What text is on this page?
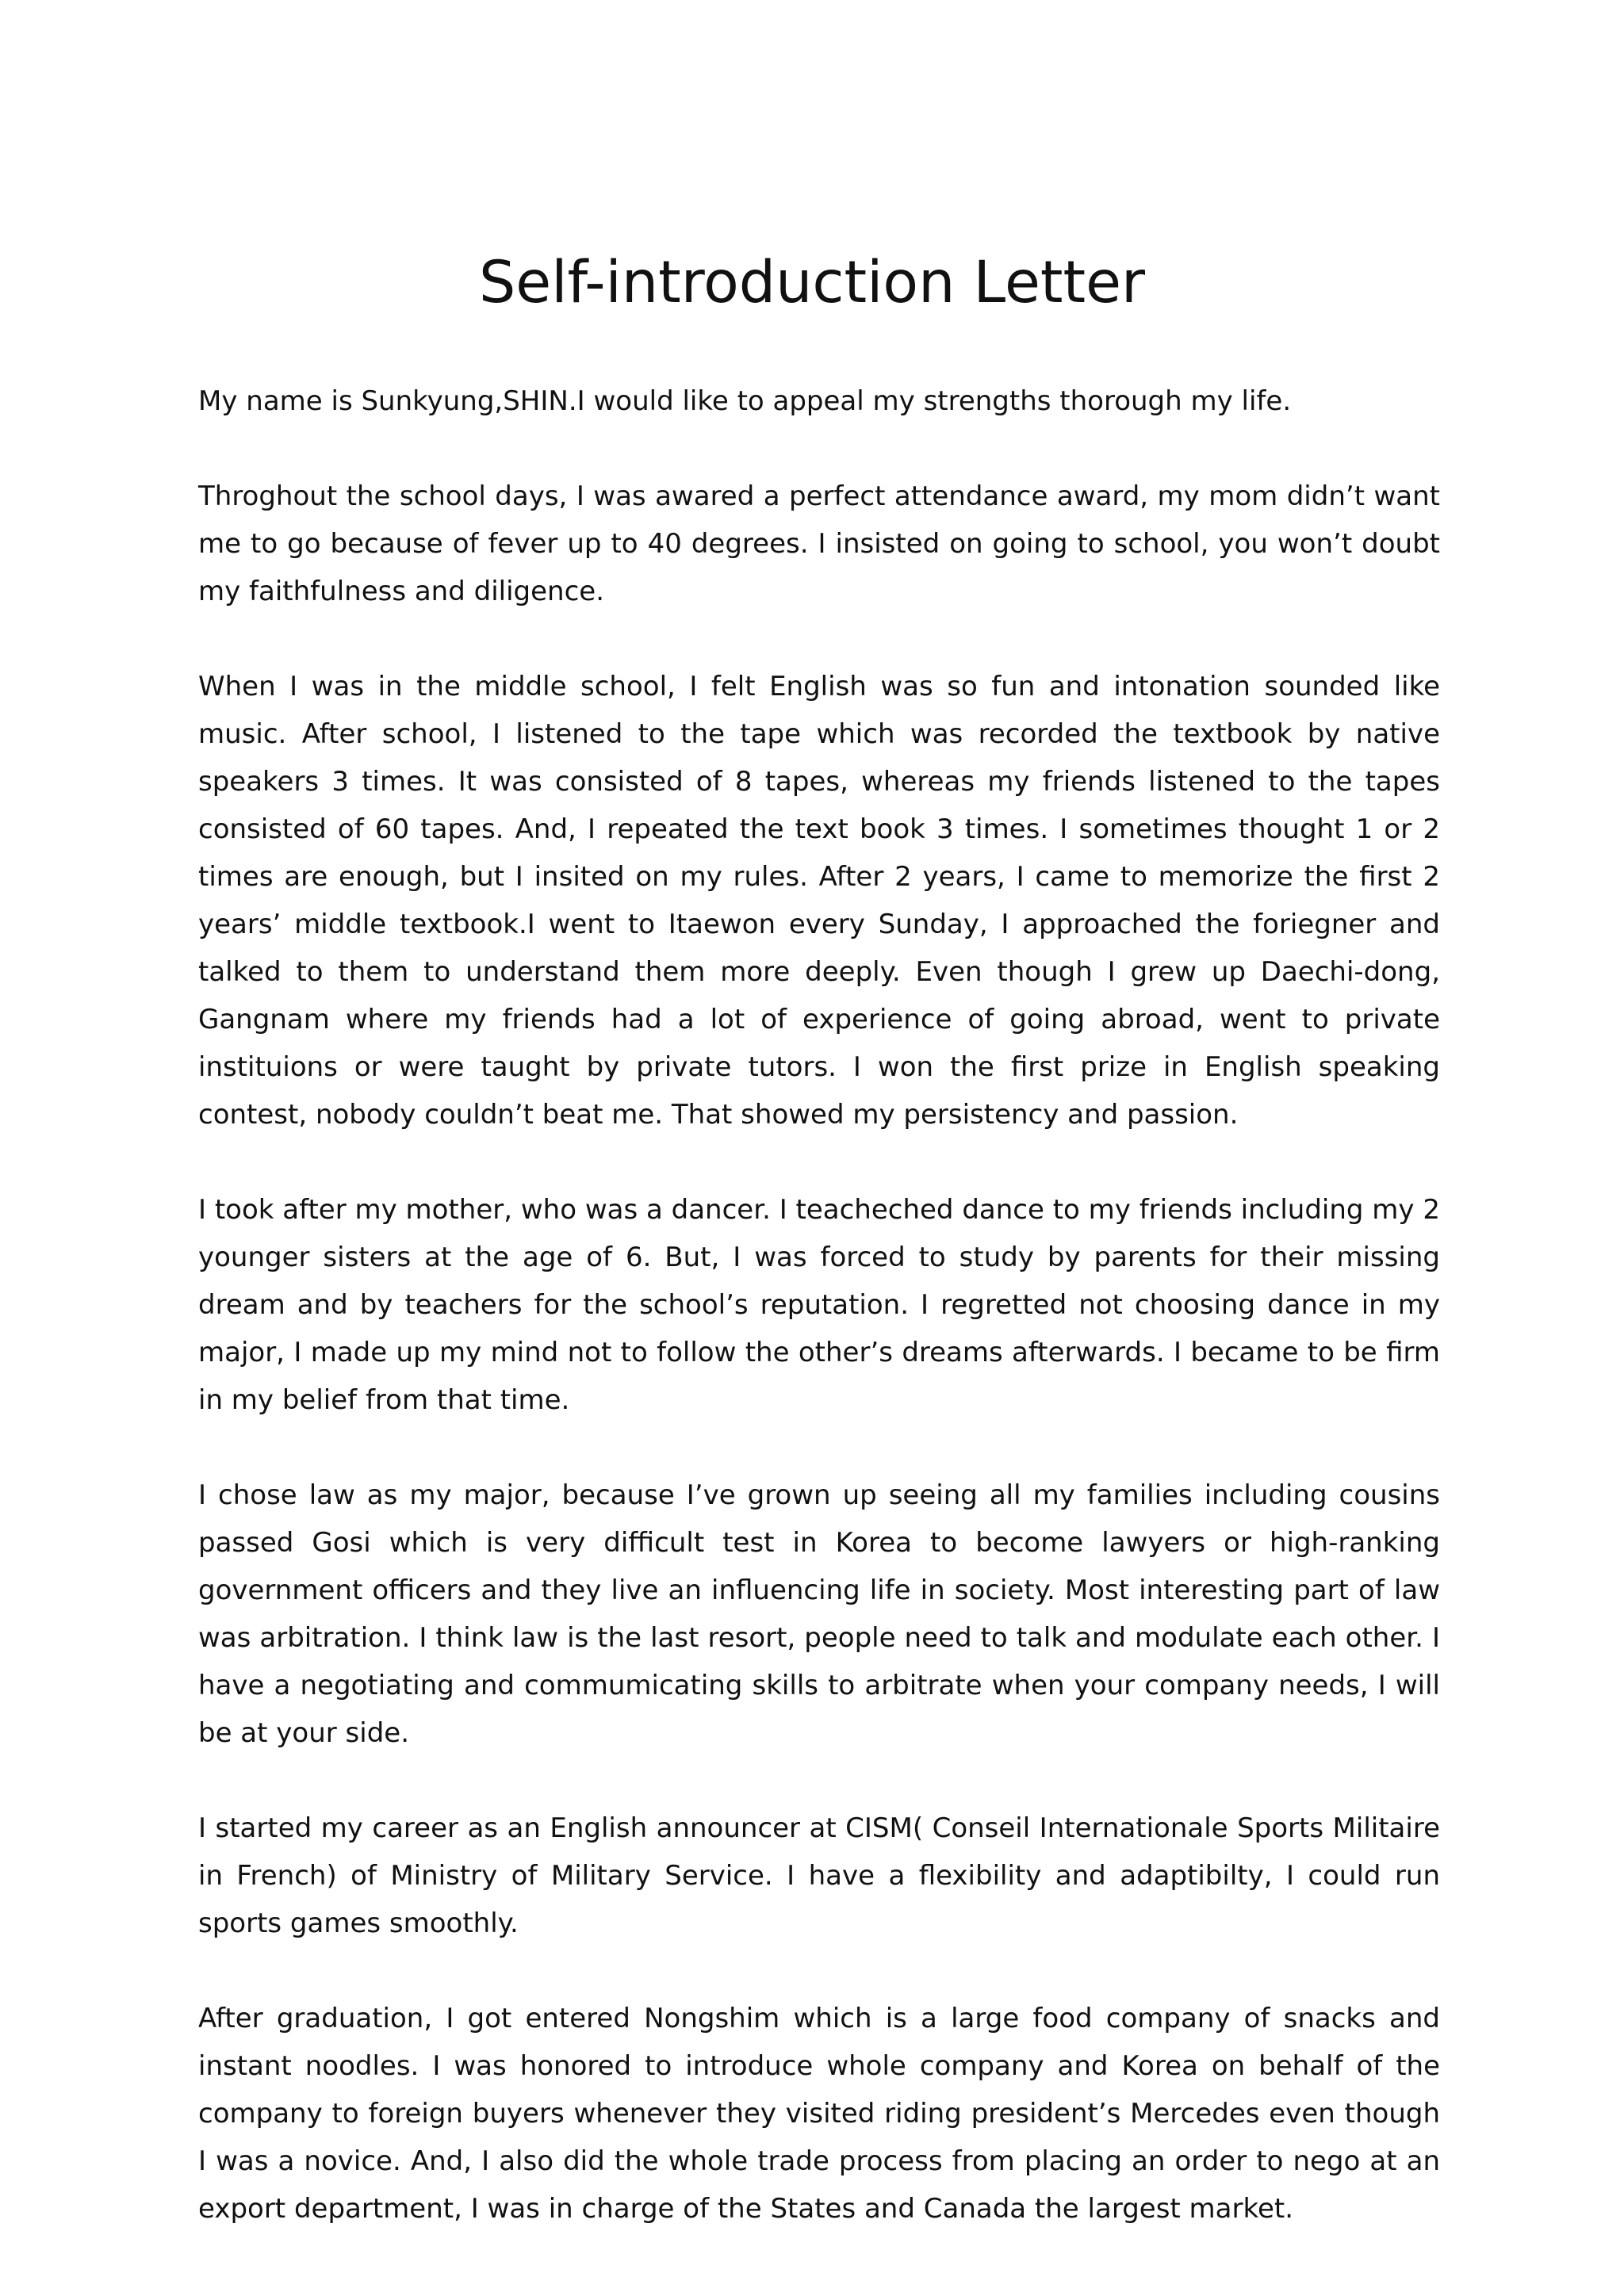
Self-introduction Letter

My name is Sunkyung,SHIN.I would like to appeal my strengths thorough my life.

Throghout the school days, I was awared a perfect attendance award, my mom didn’t want me to go because of fever up to 40 degrees. I insisted on going to school, you won’t doubt my faithfulness and diligence.

When I was in the middle school, I felt English was so fun and intonation sounded like music. After school, I listened to the tape which was recorded the textbook by native speakers 3 times. It was consisted of 8 tapes, whereas my friends listened to the tapes consisted of 60 tapes. And, I repeated the text book 3 times. I sometimes thought 1 or 2 times are enough, but I insited on my rules. After 2 years, I came to memorize the first 2 years’ middle textbook.I went to Itaewon every Sunday, I approached the foriegner and talked to them to understand them more deeply. Even though I grew up Daechi-dong, Gangnam where my friends had a lot of experience of going abroad, went to private instituions or were taught by private tutors. I won the first prize in English speaking contest, nobody couldn’t beat me. That showed my persistency and passion.

I took after my mother, who was a dancer. I teacheched dance to my friends including my 2 younger sisters at the age of 6. But, I was forced to study by parents for their missing dream and by teachers for the school’s reputation. I regretted not choosing dance in my major, I made up my mind not to follow the other’s dreams afterwards. I became to be firm in my belief from that time.

I chose law as my major, because I’ve grown up seeing all my families including cousins passed Gosi which is very difficult test in Korea to become lawyers or high-ranking government officers and they live an influencing life in society. Most interesting part of law was arbitration. I think law is the last resort, people need to talk and modulate each other. I have a negotiating and commumicating skills to arbitrate when your company needs, I will be at your side.

I started my career as an English announcer at CISM( Conseil Internationale Sports Militaire in French) of Ministry of Military Service. I have a flexibility and adaptibilty, I could run sports games smoothly.

After graduation, I got entered Nongshim which is a large food company of snacks and instant noodles. I was honored to introduce whole company and Korea on behalf of the company to foreign buyers whenever they visited riding president’s Mercedes even though I was a novice. And, I also did the whole trade process from placing an order to nego at an export department, I was in charge of the States and Canada the largest market.
